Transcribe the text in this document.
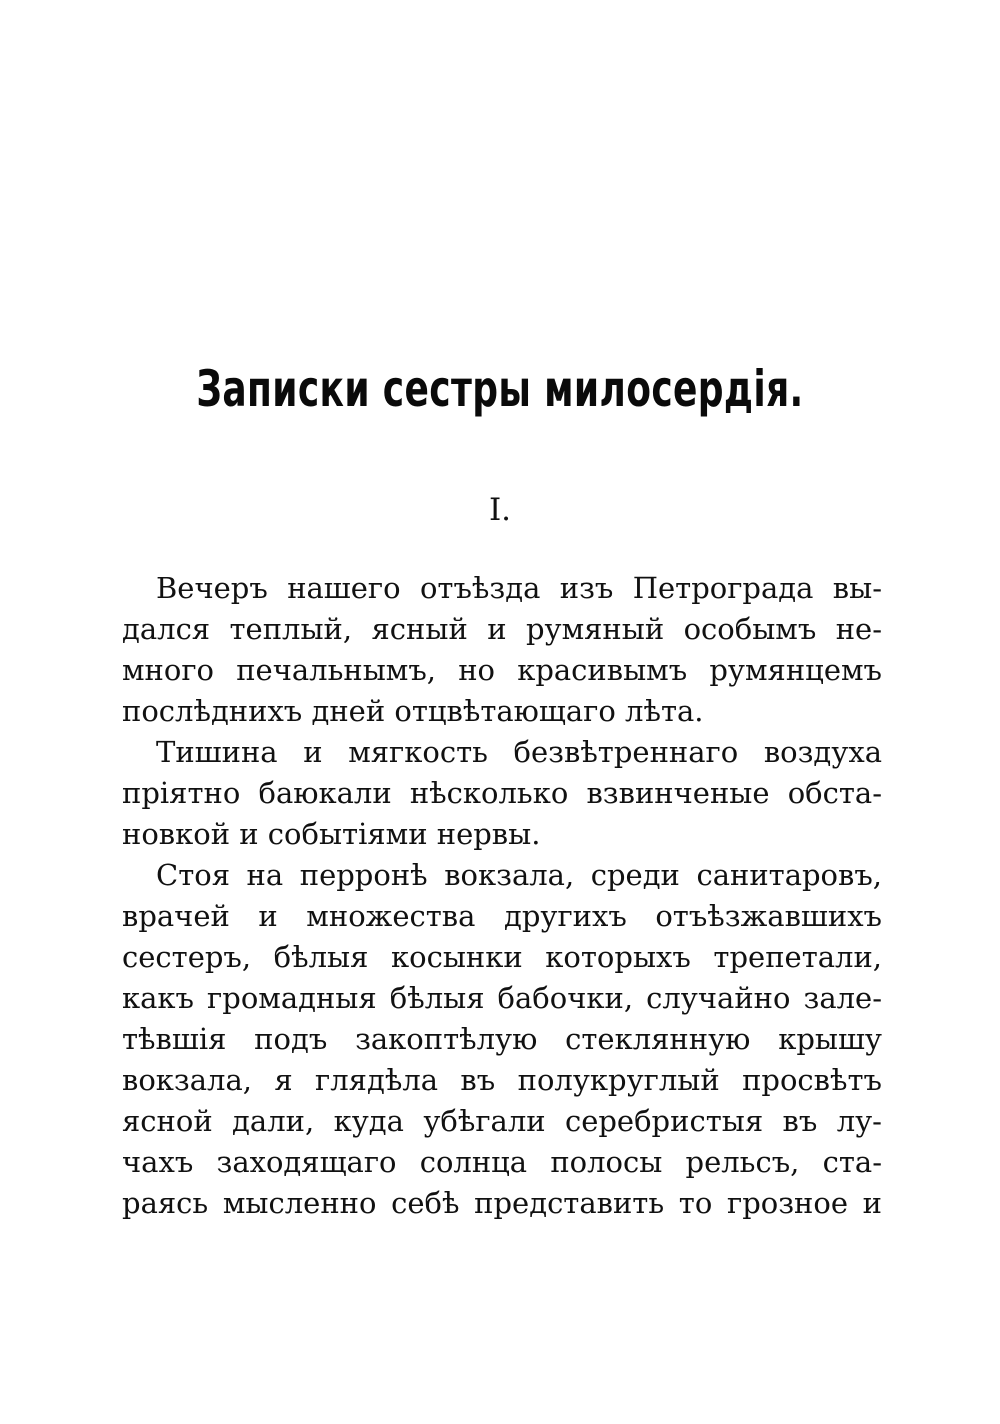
Записки сестры милосердія.
I.
Вечеръ нашего отъѣзда изъ Петрограда вы-
дался теплый, ясный и румяный особымъ не-
много печальнымъ, но красивымъ румянцемъ
послѣднихъ дней отцвѣтающаго лѣта.
Тишина и мягкость безвѣтреннаго воздуха
пріятно баюкали нѣсколько взвинченые обста-
новкой и событіями нервы.
Стоя на перронѣ вокзала, среди санитаровъ,
врачей и множества другихъ отъѣзжавшихъ
сестеръ, бѣлыя косынки которыхъ трепетали,
какъ громадныя бѣлыя бабочки, случайно зале-
тѣвшія подъ закоптѣлую стеклянную крышу
вокзала, я глядѣла въ полукруглый просвѣтъ
ясной дали, куда убѣгали серебристыя въ лу-
чахъ заходящаго солнца полосы рельсъ, ста-
раясь мысленно себѣ представить то грозное и
